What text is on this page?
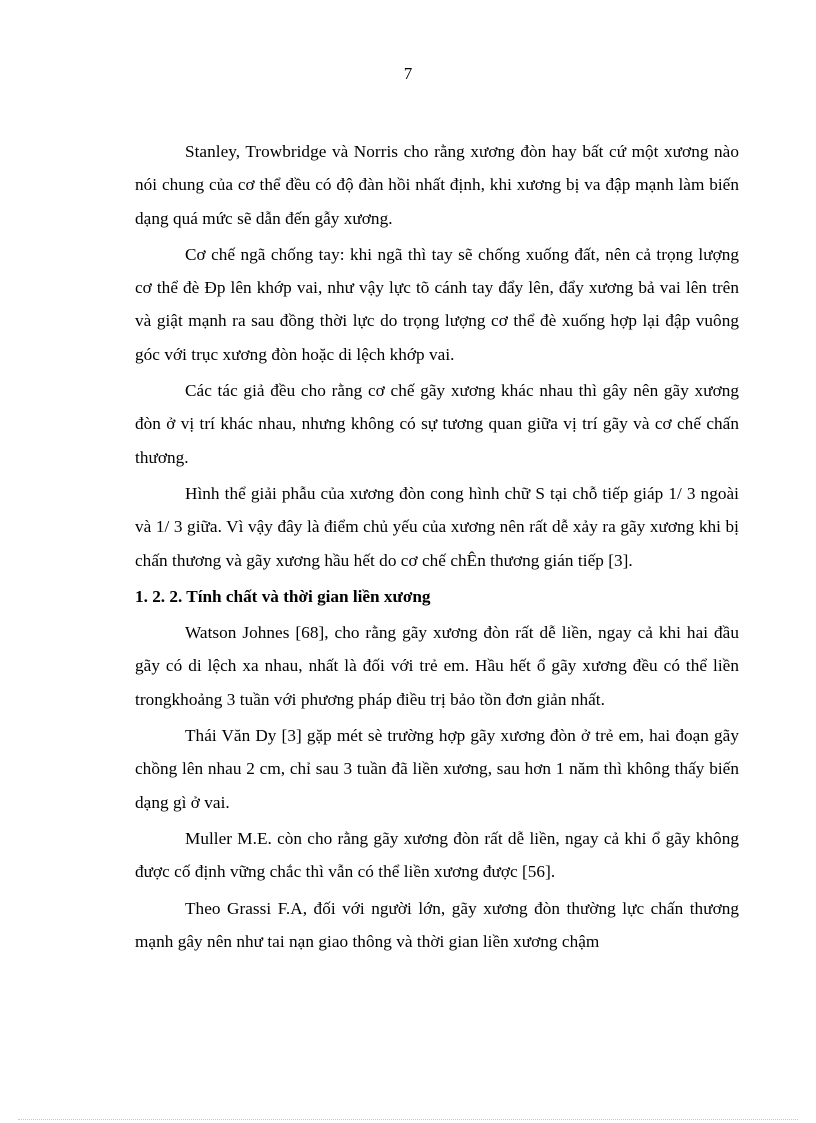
7

Stanley, Trowbridge và Norris cho rằng xương đòn hay bất cứ một xương nào nói chung của cơ thể đều có độ đàn hồi nhất định, khi xương bị va đập mạnh làm biến dạng quá mức sẽ dẫn đến gẫy xương.

Cơ chế ngã chống tay: khi ngã thì tay sẽ chống xuống đất, nên cả trọng lượng cơ thể đè Đp lên khớp vai, như vậy lực tõ cánh tay đẩy lên, đẩy xương bả vai lên trên và giật mạnh ra sau đồng thời lực do trọng lượng cơ thể đè xuống hợp lại đập vuông góc với trục xương đòn hoặc di lệch khớp vai.

Các tác giả đều cho rằng cơ chế gãy xương khác nhau thì gây nên gãy xương đòn ở vị trí khác nhau, nhưng không có sự tương quan giữa vị trí gãy và cơ chế chấn thương.

Hình thể giải phẫu của xương đòn cong hình chữ S tại chỗ tiếp giáp 1/ 3 ngoài và 1/ 3 giữa. Vì vậy đây là điểm chủ yếu của xương nên rất dễ xảy ra gãy xương khi bị chấn thương và gãy xương hầu hết do cơ chế chÊn thương gián tiếp [3].

1. 2. 2. Tính chất và thời gian liền xương

Watson Johnes [68], cho rằng gãy xương đòn rất dễ liền, ngay cả khi hai đầu gãy có di lệch xa nhau, nhất là đối với trẻ em. Hầu hết ổ gãy xương đều có thể liền trongkhoảng 3 tuần với phương pháp điều trị bảo tồn đơn giản nhất.

Thái Văn Dy [3] gặp mét sè trường hợp gãy xương đòn ở trẻ em, hai đoạn gãy chồng lên nhau 2 cm, chỉ sau 3 tuần đã liền xương, sau hơn 1 năm thì không thấy biến dạng gì ở vai.

Muller M.E. còn cho rằng gãy xương đòn rất dễ liền, ngay cả khi ổ gãy không được cố định vững chắc thì vẫn có thể liền xương được [56].

Theo Grassi F.A, đối với người lớn, gãy xương đòn thường lực chấn thương mạnh gây nên như tai nạn giao thông và thời gian liền xương chậm
